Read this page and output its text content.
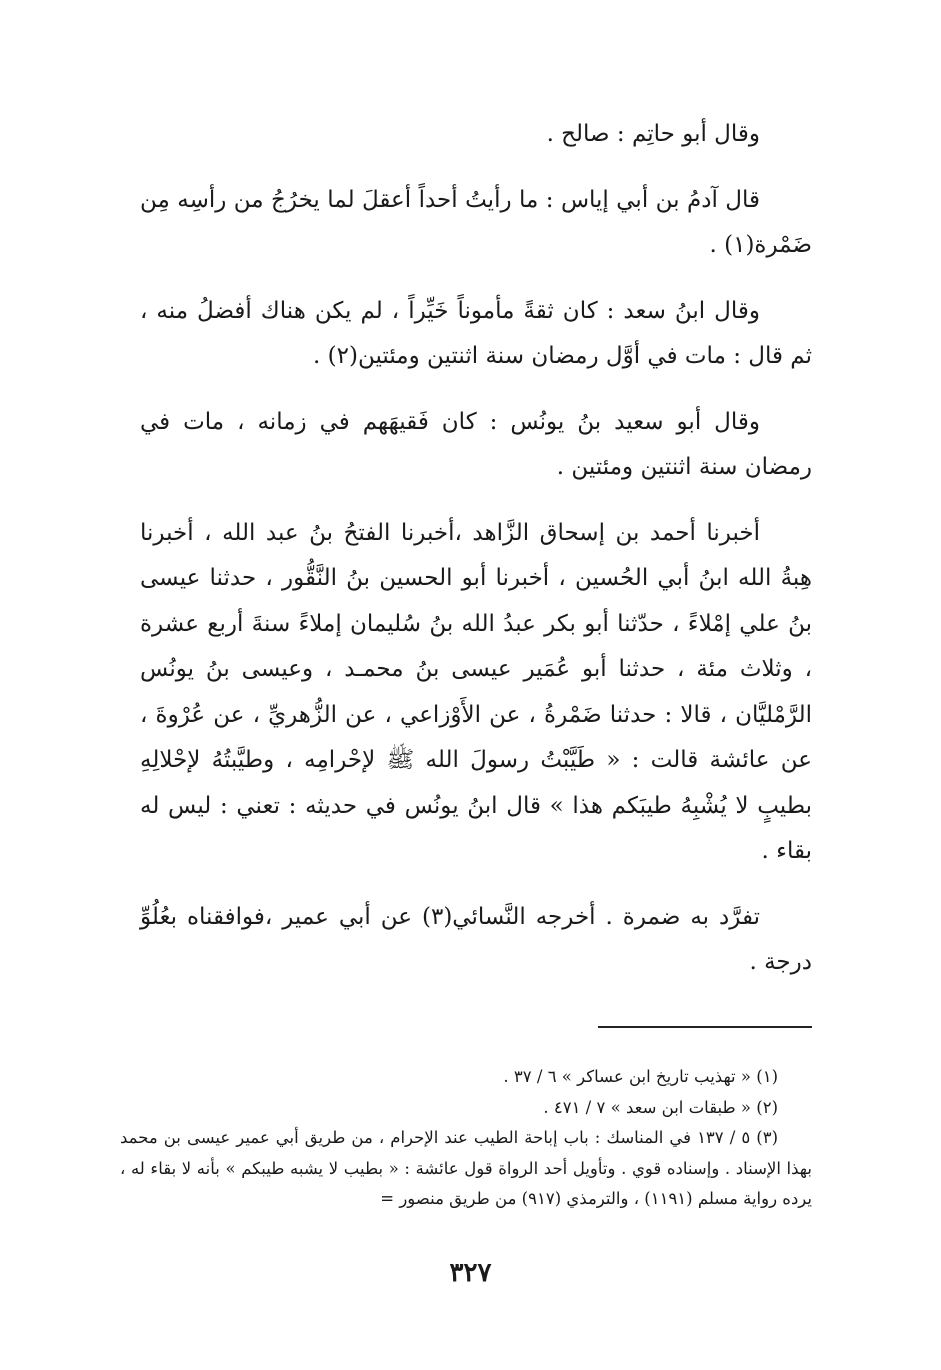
وقال أبو حاتِم : صالح .

قال آدمُ بن أبي إياس : ما رأيتُ أحداً أعقلَ لما يخرُجُ من رأسِه مِن ضَمْرة(١) .

وقال ابنُ سعد : كان ثقةً مأموناً خَيِّراً ، لم يكن هناك أفضلُ منه ، ثم قال : مات في أوَّل رمضان سنة اثنتين ومئتين(٢) .

وقال أبو سعيد بنُ يونُس : كان فَقيهَهم في زمانه ، مات في رمضان سنة اثنتين ومئتين .

أخبرنا أحمد بن إسحاق الزَّاهد ،أخبرنا الفتحُ بنُ عبد الله ، أخبرنا هِبةُ الله ابنُ أبي الحُسين ، أخبرنا أبو الحسين بنُ النَّقُّور ، حدثنا عيسى بنُ علي إمْلاءً ، حدّثنا أبو بكر عبدُ الله بنُ سُليمان إملاءً سنةَ أربع عشرة ، وثلاث مئة ، حدثنا أبو عُمَير عيسى بنُ محمـد ، وعيسى بنُ يونُس الرَّمْليَّان ، قالا : حدثنا ضَمْرةُ ، عن الأَوْزاعي ، عن الزُّهريِّ ، عن عُرْوةَ ، عن عائشة قالت : « طَيَّبْتُ رسولَ الله ﷺ لإحْرامِه ، وطيَّبتُهُ لإحْلالِهِ بطيبٍ لا يُشْبِهُ طيبَكم هذا » قال ابنُ يونُس في حديثه : تعني : ليس له بقاء .

تفرَّد به ضمرة . أخرجه النَّسائي(٣) عن أبي عمير ،فوافقناه بعُلُوِّ درجة .

(١) « تهذيب تاريخ ابن عساكر » ٦ / ٣٧ .

(٢) « طبقات ابن سعد » ٧ / ٤٧١ .

(٣) ٥ / ١٣٧ في المناسك : باب إباحة الطيب عند الإحرام ، من طريق أبي عمير عيسى بن محمد بهذا الإسناد . وإسناده قوي . وتأويل أحد الرواة قول عائشة : « بطيب لا يشبه طيبكم » بأنه لا بقاء له ، يرده رواية مسلم (١١٩١) ، والترمذي (٩١٧) من طريق منصور =

٣٢٧
